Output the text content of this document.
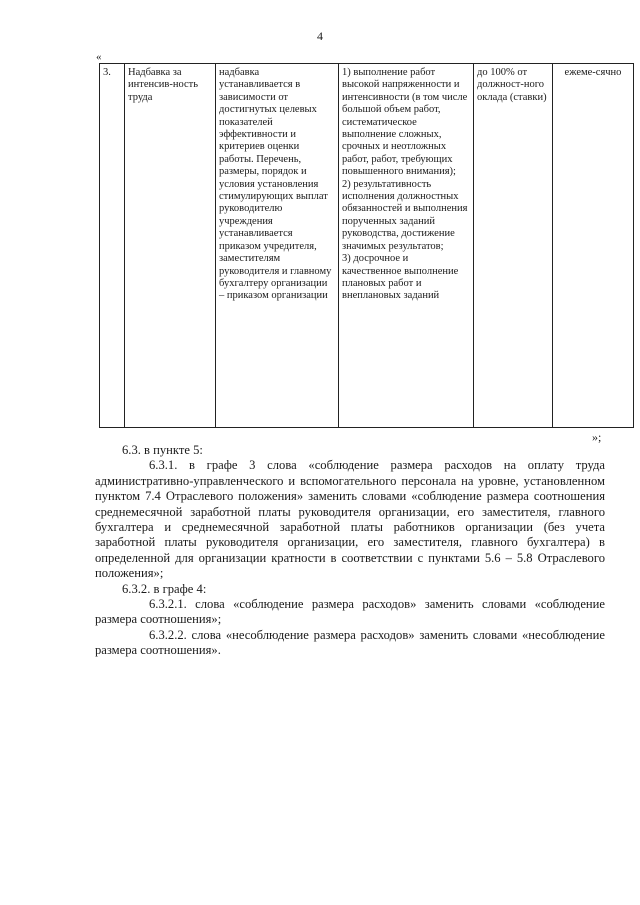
4
«
3.	Надбавка за интенсив-ность труда	надбавка устанавливается в зависимости от достигнутых целевых показателей эффективности и критериев оценки работы. Перечень, размеры, порядок и условия установления стимулирующих выплат руководителю учреждения устанавливается приказом учредителя, заместителям руководителя и главному бухгалтеру организации – приказом организации	1) выполнение работ высокой напряженности и интенсивности (в том числе большой объем работ, систематическое выполнение сложных, срочных и неотложных работ, работ, требующих повышенного внимания);
2) результативность исполнения должностных обязанностей и выполнения порученных заданий руководства, достижение значимых результатов;
3) досрочное и качественное выполнение плановых работ и внеплановых заданий	до 100% от должност-ного оклада (ставки)	ежеме-сячно
»;

6.3. в пункте 5:

6.3.1. в графе 3 слова «соблюдение размера расходов на оплату труда административно-управленческого и вспомогательного персонала на уровне, установленном пунктом 7.4 Отраслевого положения» заменить словами «соблюдение размера соотношения среднемесячной заработной платы руководителя организации, его заместителя, главного бухгалтера и среднемесячной заработной платы работников организации (без учета заработной платы руководителя организации, его заместителя, главного бухгалтера) в определенной для организации кратности в соответствии с пунктами 5.6 – 5.8 Отраслевого положения»;

6.3.2. в графе 4:

6.3.2.1. слова «соблюдение размера расходов» заменить словами «соблюдение размера соотношения»;

6.3.2.2. слова «несоблюдение размера расходов» заменить словами «несоблюдение размера соотношения».
